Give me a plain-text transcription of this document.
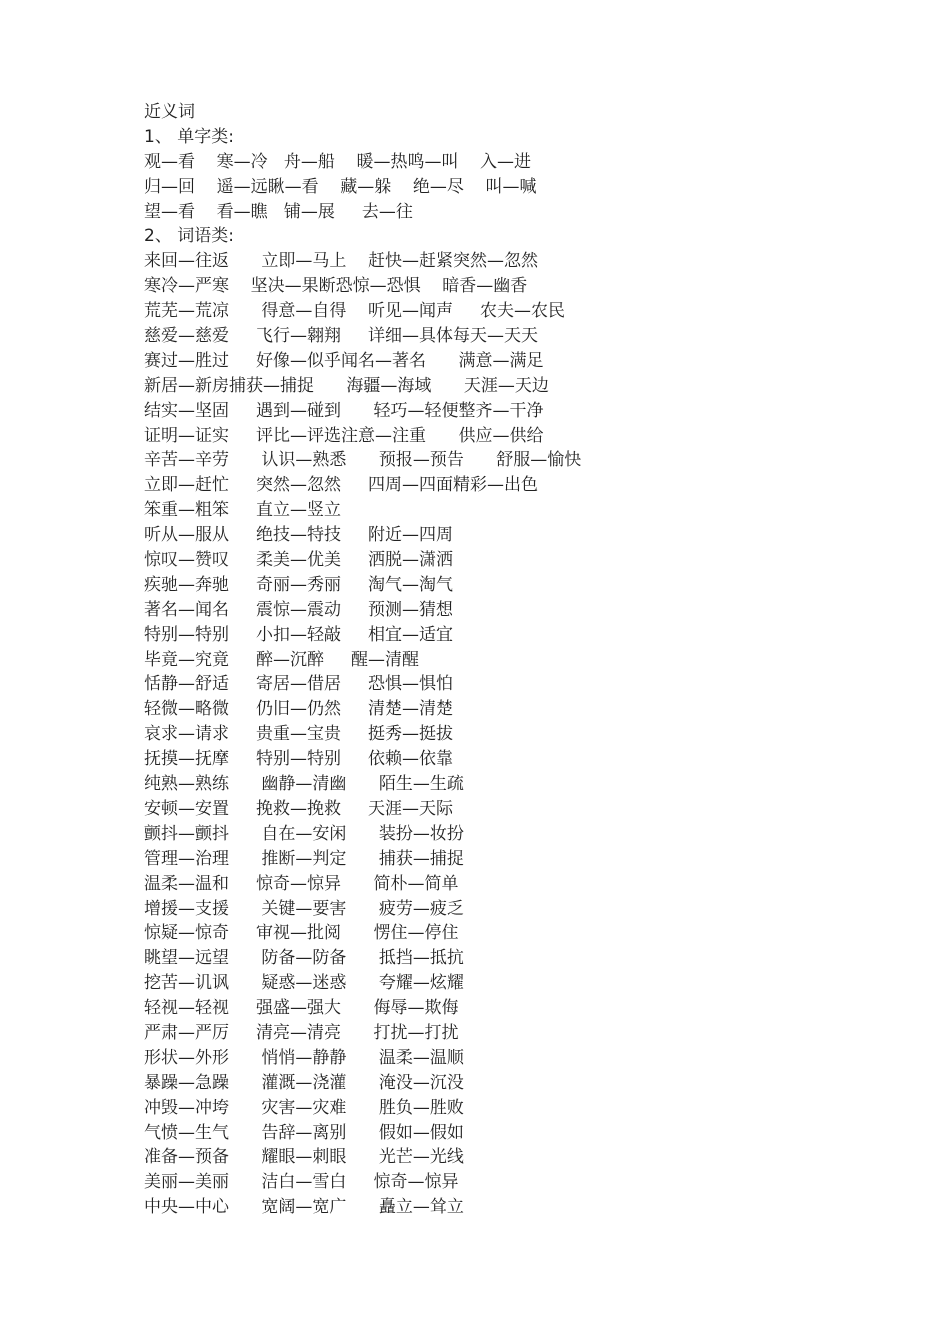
近义词
1、 单字类:
观—看    寒—冷   舟—船    暖—热鸣—叫    入—进
归—回    遥—远瞅—看    藏—躲    绝—尽    叫—喊
望—看    看—瞧   铺—展     去—往
2、 词语类:
来回—往返      立即—马上    赶快—赶紧突然—忽然
寒冷—严寒    坚决—果断恐惊—恐惧    暗香—幽香
荒芜—荒凉      得意—自得    听见—闻声     农夫—农民
慈爱—慈爱     飞行—翱翔     详细—具体每天—天天
赛过—胜过     好像—似乎闻名—著名      满意—满足
新居—新房捕获—捕捉      海疆—海域      天涯—天边
结实—坚固     遇到—碰到      轻巧—轻便整齐—干净
证明—证实     评比—评选注意—注重      供应—供给
辛苦—辛劳      认识—熟悉      预报—预告      舒服—愉快
立即—赶忙     突然—忽然     四周—四面精彩—出色
笨重—粗笨     直立—竖立
听从—服从     绝技—特技     附近—四周
惊叹—赞叹     柔美—优美     洒脱—潇洒
疾驰—奔驰     奇丽—秀丽     淘气—淘气
著名—闻名     震惊—震动     预测—猜想
特别—特别     小扣—轻敲     相宜—适宜
毕竟—究竟     醉—沉醉     醒—清醒
恬静—舒适     寄居—借居     恐惧—惧怕
轻微—略微     仍旧—仍然     清楚—清楚
哀求—请求     贵重—宝贵     挺秀—挺拔
抚摸—抚摩     特别—特别     依赖—依靠
纯熟—熟练      幽静—清幽      陌生—生疏
安顿—安置     挽救—挽救     天涯—天际
颤抖—颤抖      自在—安闲      装扮—妆扮
管理—治理      推断—判定      捕获—捕捉
温柔—温和     惊奇—惊异      简朴—简单
增援—支援      关键—要害      疲劳—疲乏
惊疑—惊奇     审视—批阅      愣住—停住
眺望—远望      防备—防备      抵挡—抵抗
挖苦—讥讽      疑惑—迷惑      夸耀—炫耀
轻视—轻视     强盛—强大      侮辱—欺侮
严肃—严厉     清亮—清亮      打扰—打扰
形状—外形      悄悄—静静      温柔—温顺
暴躁—急躁      灌溉—浇灌      淹没—沉没
冲毁—冲垮      灾害—灾难      胜负—胜败
气愤—生气      告辞—离别      假如—假如
准备—预备      耀眼—刺眼      光芒—光线
美丽—美丽      洁白—雪白     惊奇—惊异
中央—中心      宽阔—宽广      矗立—耸立
